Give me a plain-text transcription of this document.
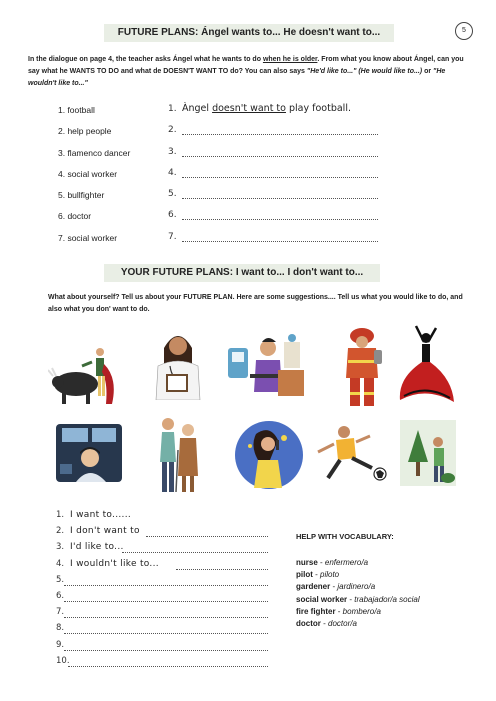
FUTURE PLANS: Ángel wants to... He doesn't want to...	5
In the dialogue on page 4, the teacher asks Ángel what he wants to do when he is older. From what you know about Ángel, can you say what he WANTS TO DO and what de DOESN'T WANT TO do? You can also says "He'd like to..." (He would like to...) or "He wouldn't like to..."
1. football
2. help people
3. flamenco dancer
4. social worker
5. bullfighter
6. doctor
7. social worker
1. Àngel doesn't want to play football.
2.
3.
4.
5.
6.
7.
YOUR FUTURE PLANS: I want to... I don't want to...
What about yourself? Tell us about your FUTURE PLAN. Here are some suggestions.... Tell us what you would like to do, and also what you don' want to do.
1. I want to......
2. I don't want to
3. I'd like to...
4. I wouldn't like to...
5.
6.
7.
8.
9.
10.
HELP WITH VOCABULARY:
nurse - enfermero/a
pilot - piloto
gardener - jardinero/a
social worker - trabajador/a social
fire fighter - bombero/a
doctor - doctor/a
